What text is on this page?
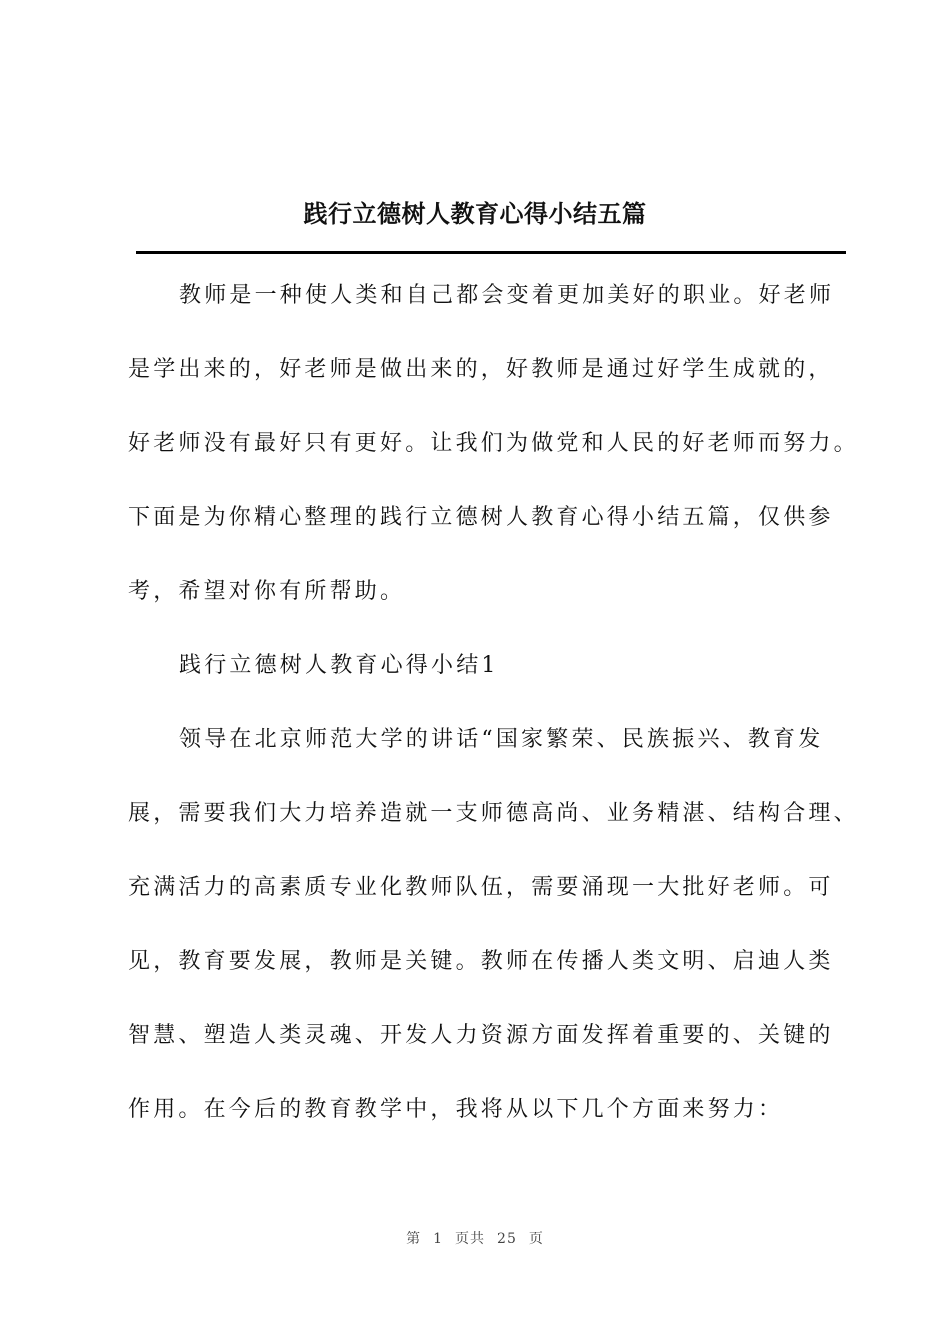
践行立德树人教育心得小结五篇
教师是一种使人类和自己都会变着更加美好的职业。好老师
是学出来的，好老师是做出来的，好教师是通过好学生成就的，
好老师没有最好只有更好。让我们为做党和人民的好老师而努力。
下面是为你精心整理的践行立德树人教育心得小结五篇，仅供参
考，希望对你有所帮助。
践行立德树人教育心得小结1
领导在北京师范大学的讲话“国家繁荣、民族振兴、教育发
展，需要我们大力培养造就一支师德高尚、业务精湛、结构合理、
充满活力的高素质专业化教师队伍，需要涌现一大批好老师。可
见，教育要发展，教师是关键。教师在传播人类文明、启迪人类
智慧、塑造人类灵魂、开发人力资源方面发挥着重要的、关键的
作用。在今后的教育教学中，我将从以下几个方面来努力：
第 1 页共 25 页
